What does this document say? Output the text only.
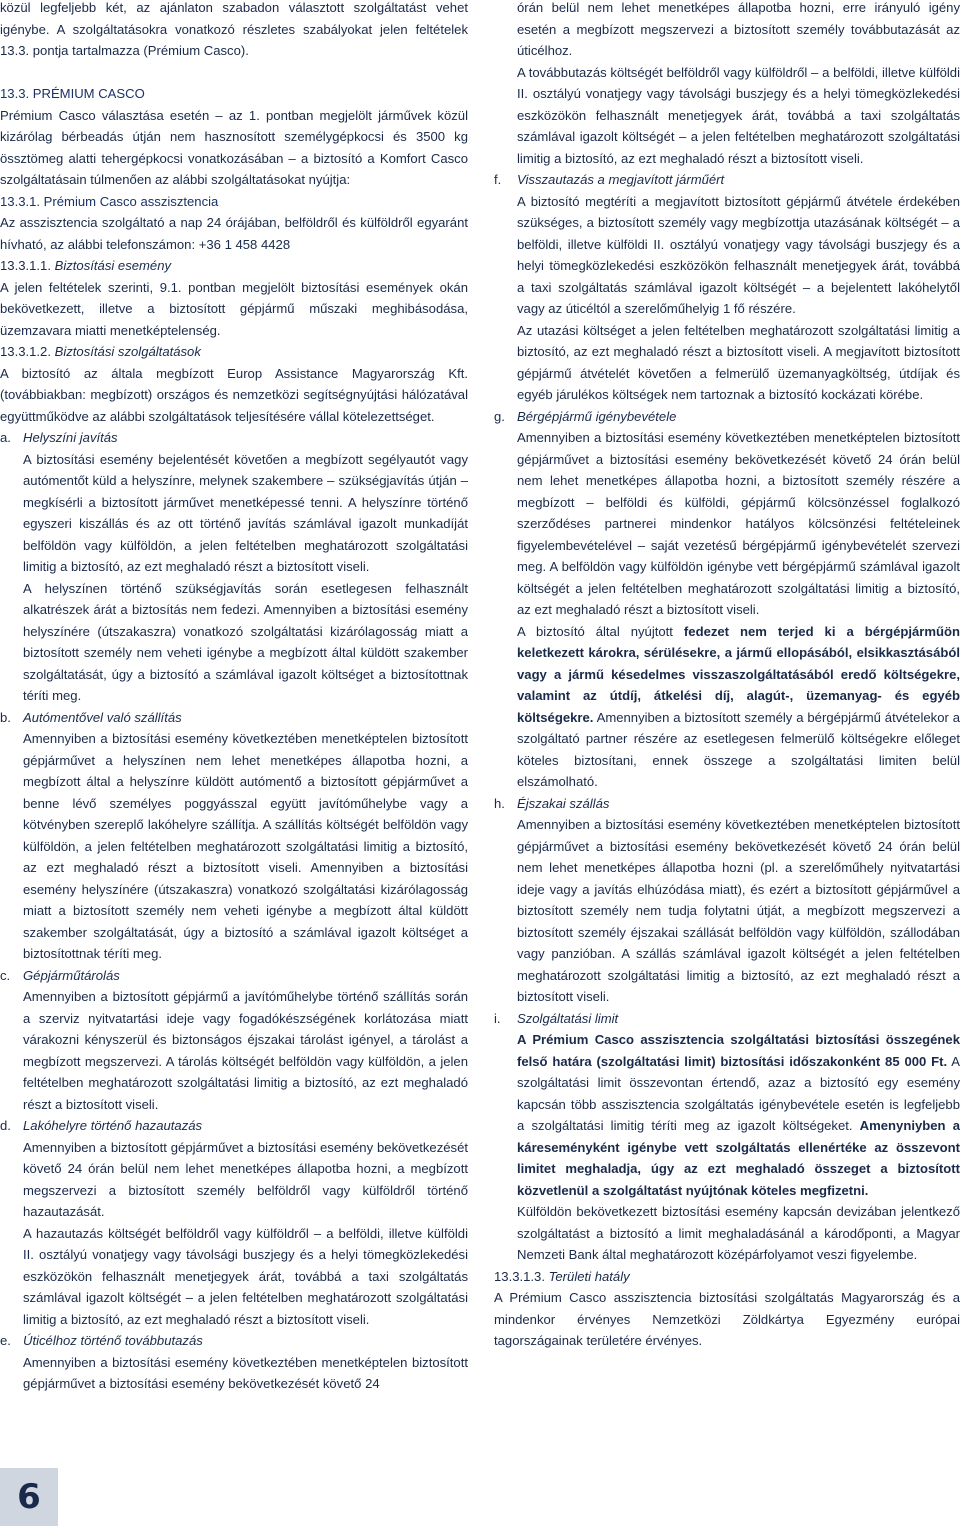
közül legfeljebb két, az ajánlaton szabadon választott szolgáltatást vehet igénybe. A szolgáltatásokra vonatkozó részletes szabályokat jelen feltételek 13.3. pontja tartalmazza (Prémium Casco).

13.3. PRÉMIUM CASCO

Prémium Casco választása esetén – az 1. pontban megjelölt járművek közül kizárólag bérbeadás útján nem hasznosított személygépkocsi és 3500 kg össztömeg alatti tehergépkocsi vonatkozásában – a biztosító a Komfort Casco szolgáltatásain túlmenően az alábbi szolgáltatásokat nyújtja:

13.3.1. Prémium Casco asszisztencia

Az asszisztencia szolgáltató a nap 24 órájában, belföldről és külföldről egyaránt hívható, az alábbi telefonszámon: +36 1 458 4428

13.3.1.1. Biztosítási esemény

A jelen feltételek szerinti, 9.1. pontban megjelölt biztosítási események okán bekövetkezett, illetve a biztosított gépjármű műszaki meghibásodása, üzemzavara miatti menetképtelenség.

13.3.1.2. Biztosítási szolgáltatások

A biztosító az általa megbízott Europ Assistance Magyarország Kft. (továbbiakban: megbízott) országos és nemzetközi segítségnyújtási hálózatával együttműködve az alábbi szolgáltatások teljesítésére vállal kötelezettséget.

a. Helyszíni javítás

A biztosítási esemény bejelentését követően a megbízott segélyautót vagy autómentőt küld a helyszínre, melynek szakembere – szükségjavítás útján – megkísérli a biztosított járművet menetképessé tenni. A helyszínre történő egyszeri kiszállás és az ott történő javítás számlával igazolt munkadíját belföldön vagy külföldön, a jelen feltételben meghatározott szolgáltatási limitig a biztosító, az ezt meghaladó részt a biztosított viseli.

A helyszínen történő szükségjavítás során esetlegesen felhasznált alkatrészek árát a biztosítás nem fedezi. Amennyiben a biztosítási esemény helyszínére (útszakaszra) vonatkozó szolgáltatási kizárólagosság miatt a biztosított személy nem veheti igénybe a megbízott által küldött szakember szolgáltatását, úgy a biztosító a számlával igazolt költséget a biztosítottnak téríti meg.

b. Autómentővel való szállítás

Amennyiben a biztosítási esemény következtében menetképtelen biztosított gépjárművet a helyszínen nem lehet menetképes állapotba hozni, a megbízott által a helyszínre küldött autómentő a biztosított gépjárművet a benne lévő személyes poggyásszal együtt javítóműhelybe vagy a kötvényben szereplő lakóhelyre szállítja. A szállítás költségét belföldön vagy külföldön, a jelen feltételben meghatározott szolgáltatási limitig a biztosító, az ezt meghaladó részt a biztosított viseli. Amennyiben a biztosítási esemény helyszínére (útszakaszra) vonatkozó szolgáltatási kizárólagosság miatt a biztosított személy nem veheti igénybe a megbízott által küldött szakember szolgáltatását, úgy a biztosító a számlával igazolt költséget a biztosítottnak téríti meg.

c. Gépjárműtárolás

Amennyiben a biztosított gépjármű a javítóműhelybe történő szállítás során a szerviz nyitvatartási ideje vagy fogadókészségének korlátozása miatt várakozni kényszerül és biztonságos éjszakai tárolást igényel, a tárolást a megbízott megszervezi. A tárolás költségét belföldön vagy külföldön, a jelen feltételben meghatározott szolgáltatási limitig a biztosító, az ezt meghaladó részt a biztosított viseli.

d. Lakóhelyre történő hazautazás

Amennyiben a biztosított gépjárművet a biztosítási esemény bekövetkezését követő 24 órán belül nem lehet menetképes állapotba hozni, a megbízott megszervezi a biztosított személy belföldről vagy külföldről történő hazautazását.

A hazautazás költségét belföldről vagy külföldről – a belföldi, illetve külföldi II. osztályú vonatjegy vagy távolsági buszjegy és a helyi tömegközlekedési eszközökön felhasznált menetjegyek árát, továbbá a taxi szolgáltatás számlával igazolt költségét – a jelen feltételben meghatározott szolgáltatási limitig a biztosító, az ezt meghaladó részt a biztosított viseli.

e. Úticélhoz történő továbbutazás

Amennyiben a biztosítási esemény következtében menetképtelen biztosított gépjárművet a biztosítási esemény bekövetkezését követő 24

órán belül nem lehet menetképes állapotba hozni, erre irányuló igény esetén a megbízott megszervezi a biztosított személy továbbutazását az úticélhoz.

A továbbutazás költségét belföldről vagy külföldről – a belföldi, illetve külföldi II. osztályú vonatjegy vagy távolsági buszjegy és a helyi tömegközlekedési eszközökön felhasznált menetjegyek árát, továbbá a taxi szolgáltatás számlával igazolt költségét – a jelen feltételben meghatározott szolgáltatási limitig a biztosító, az ezt meghaladó részt a biztosított viseli.

f. Visszautazás a megjavított járműért

A biztosító megtéríti a megjavított biztosított gépjármű átvétele érdekében szükséges, a biztosított személy vagy megbízottja utazásának költségét – a belföldi, illetve külföldi II. osztályú vonatjegy vagy távolsági buszjegy és a helyi tömegközlekedési eszközökön felhasznált menetjegyek árát, továbbá a taxi szolgáltatás számlával igazolt költségét – a bejelentett lakóhelytől vagy az úticéltól a szerelőműhelyig 1 fő részére.

Az utazási költséget a jelen feltételben meghatározott szolgáltatási limitig a biztosító, az ezt meghaladó részt a biztosított viseli. A megjavított biztosított gépjármű átvételét követően a felmerülő üzemanyagköltség, útdíjak és egyéb járulékos költségek nem tartoznak a biztosító kockázati körébe.

g. Bérgépjármű igénybevétele

Amennyiben a biztosítási esemény következtében menetképtelen biztosított gépjárművet a biztosítási esemény bekövetkezését követő 24 órán belül nem lehet menetképes állapotba hozni, a biztosított személy részére a megbízott – belföldi és külföldi, gépjármű kölcsönzéssel foglalkozó szerződéses partnerei mindenkor hatályos kölcsönzési feltételeinek figyelembevételével – saját vezetésű bérgépjármű igénybevételét szervezi meg. A belföldön vagy külföldön igénybe vett bérgépjármű számlával igazolt költségét a jelen feltételben meghatározott szolgáltatási limitig a biztosító, az ezt meghaladó részt a biztosított viseli.

A biztosító által nyújtott fedezet nem terjed ki a bérgépjárműön keletkezett károkra, sérülésekre, a jármű ellopásából, elsikkasztásából vagy a jármű késedelmes visszaszolgáltatásából eredő költségekre, valamint az útdíj, átkelési díj, alagút-, üzemanyag- és egyéb költségekre. Amennyiben a biztosított személy a bérgépjármű átvételekor a szolgáltató partner részére az esetlegesen felmerülő költségekre előleget köteles biztosítani, ennek összege a szolgáltatási limiten belül elszámolható.

h. Éjszakai szállás

Amennyiben a biztosítási esemény következtében menetképtelen biztosított gépjárművet a biztosítási esemény bekövetkezését követő 24 órán belül nem lehet menetképes állapotba hozni (pl. a szerelőműhely nyitvatartási ideje vagy a javítás elhúzódása miatt), és ezért a biztosított gépjárművel a biztosított személy nem tudja folytatni útját, a megbízott megszervezi a biztosított személy éjszakai szállását belföldön vagy külföldön, szállodában vagy panzióban. A szállás számlával igazolt költségét a jelen feltételben meghatározott szolgáltatási limitig a biztosító, az ezt meghaladó részt a biztosított viseli.

i. Szolgáltatási limit

A Prémium Casco asszisztencia szolgáltatási biztosítási összegének felső határa (szolgáltatási limit) biztosítási időszakonként 85 000 Ft. A szolgáltatási limit összevontan értendő, azaz a biztosító egy esemény kapcsán több asszisztencia szolgáltatás igénybevétele esetén is legfeljebb a szolgáltatási limitig téríti meg az igazolt költségeket. Amenyniyben a káreseményként igénybe vett szolgáltatás ellenértéke az összevont limitet meghaladja, úgy az ezt meghaladó összeget a biztosított közvetlenül a szolgáltatást nyújtónak köteles megfizetni.

Külföldön bekövetkezett biztosítási esemény kapcsán devizában jelentkező szolgáltatást a biztosító a limit meghaladásánál a károdőponti, a Magyar Nemzeti Bank által meghatározott középárfolyamot veszi figyelembe.

13.3.1.3. Területi hatály

A Prémium Casco asszisztencia biztosítási szolgáltatás Magyarország és a mindenkor érvényes Nemzetközi Zöldkártya Egyezmény európai tagországainak területére érvényes.

6
